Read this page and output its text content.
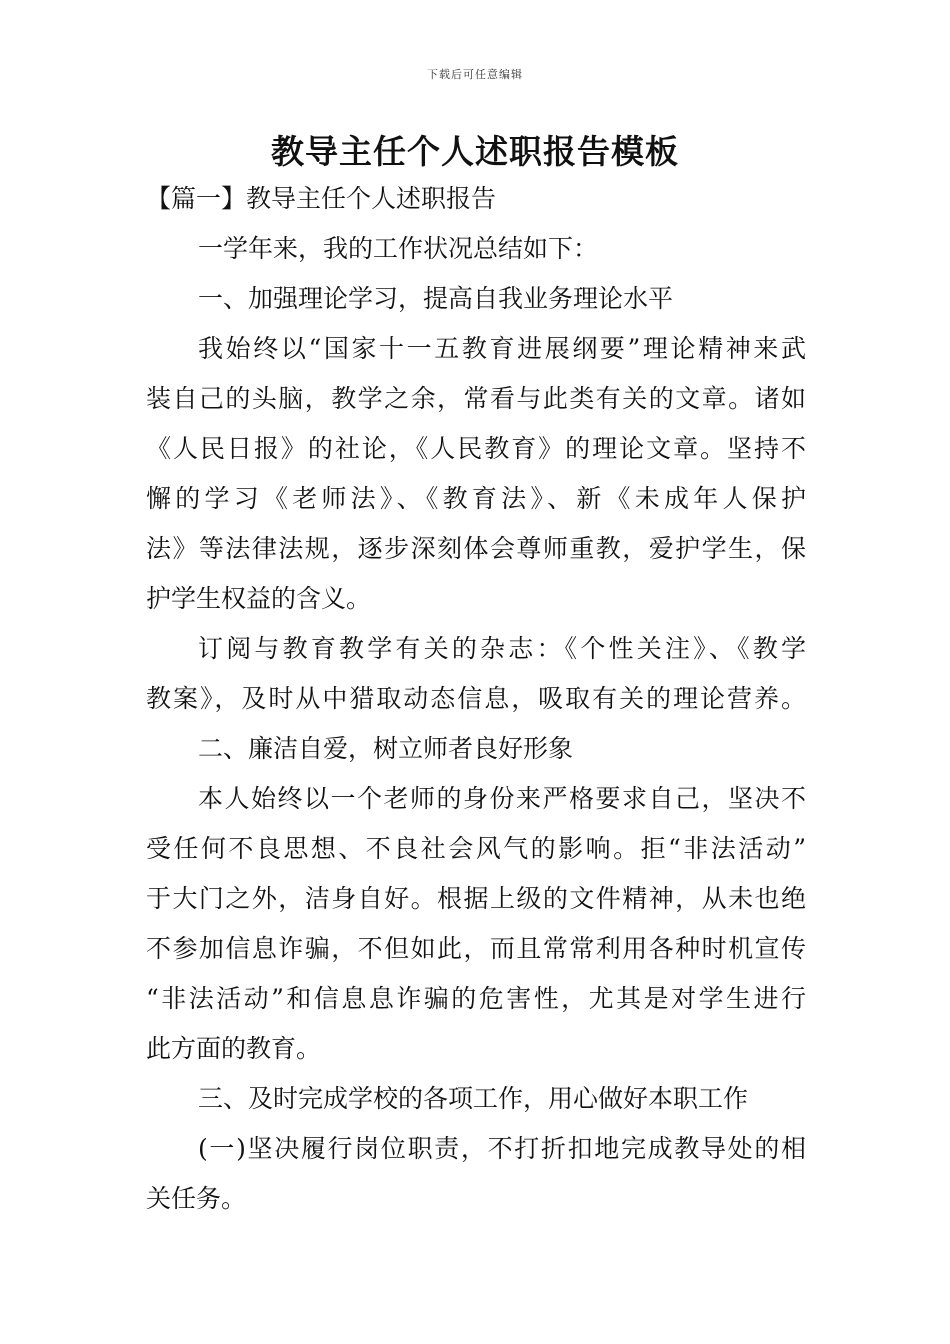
下载后可任意编辑
教导主任个人述职报告模板
【篇一】教导主任个人述职报告
一学年来，我的工作状况总结如下：
一、加强理论学习，提高自我业务理论水平
我始终以“国家十一五教育进展纲要”理论精神来武
装自己的头脑，教学之余，常看与此类有关的文章。诸如
《人民日报》的社论，《人民教育》的理论文章。坚持不
懈的学习《老师法》、《教育法》、新《未成年人保护
法》等法律法规，逐步深刻体会尊师重教，爱护学生，保
护学生权益的含义。
订阅与教育教学有关的杂志：《个性关注》、《教学
教案》，及时从中猎取动态信息，吸取有关的理论营养。
二、廉洁自爱，树立师者良好形象
本人始终以一个老师的身份来严格要求自己，坚决不
受任何不良思想、不良社会风气的影响。拒“非法活动”
于大门之外，洁身自好。根据上级的文件精神，从未也绝
不参加信息诈骗，不但如此，而且常常利用各种时机宣传
“非法活动”和信息息诈骗的危害性，尤其是对学生进行
此方面的教育。
三、及时完成学校的各项工作，用心做好本职工作
(一)坚决履行岗位职责，不打折扣地完成教导处的相
关任务。
